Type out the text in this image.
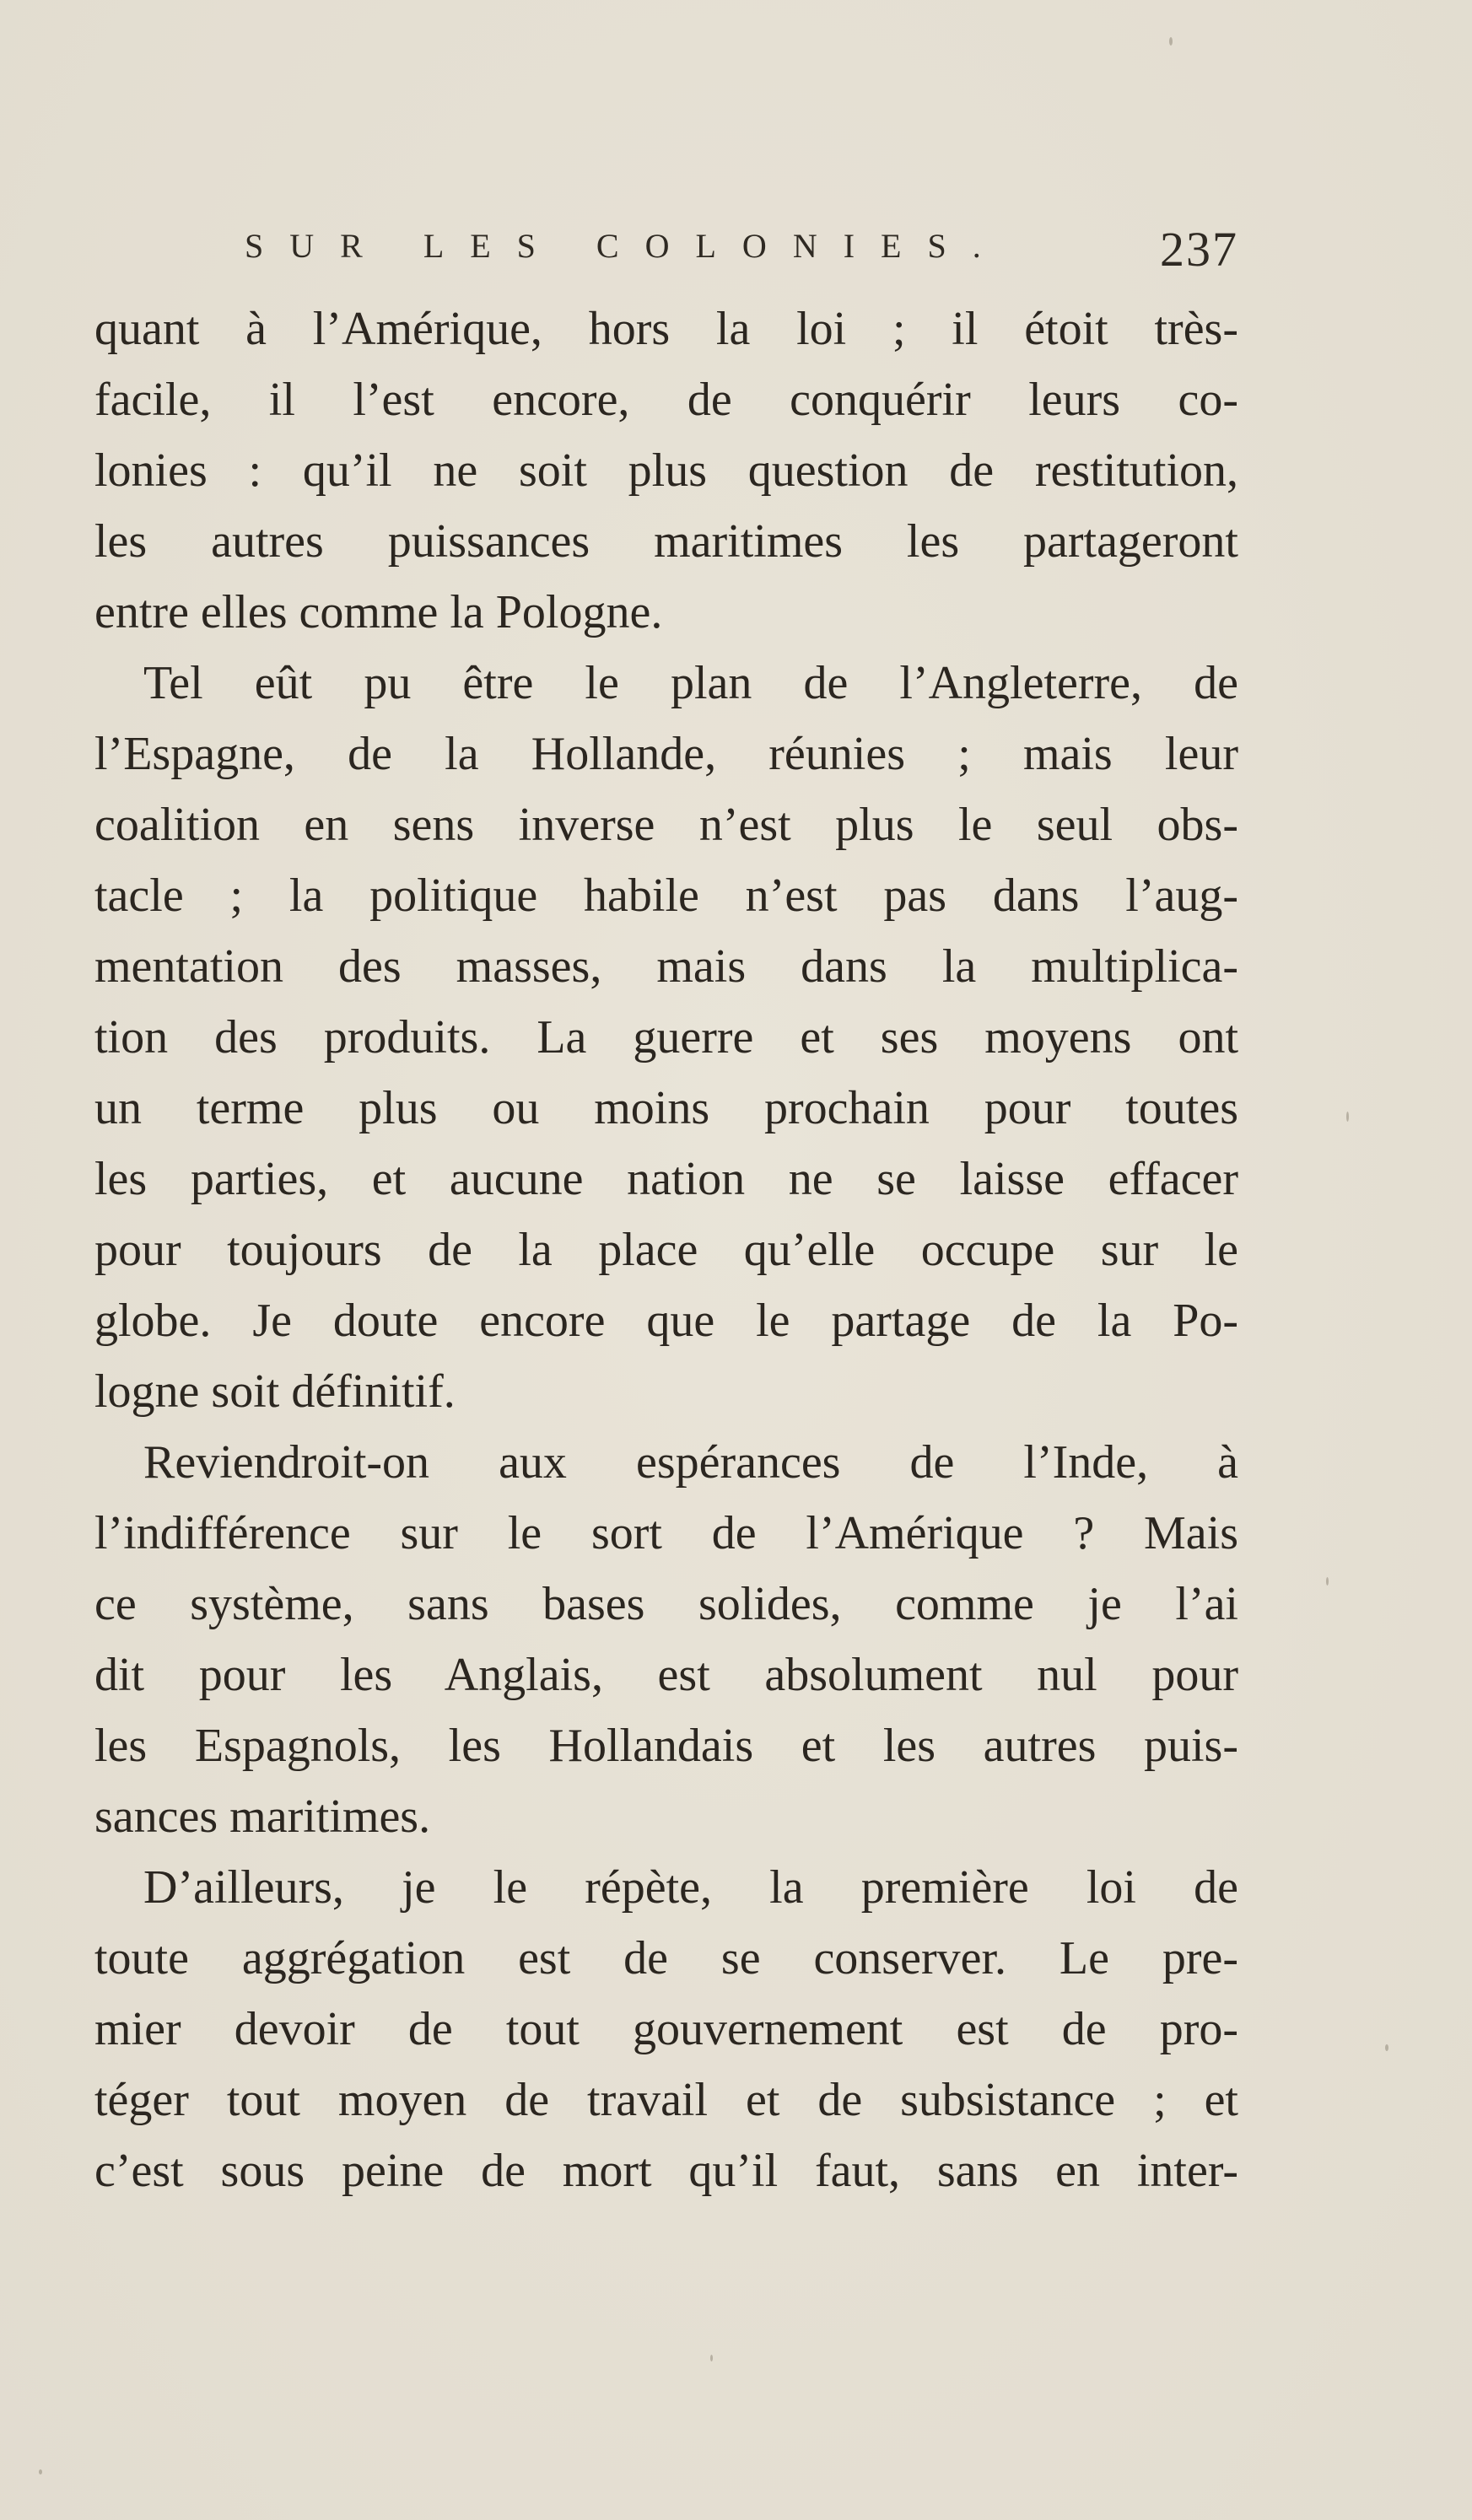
SUR LES COLONIES.	237
quant à l’Amérique, hors la loi ; il étoit très-
facile, il l’est encore, de conquérir leurs co-
lonies : qu’il ne soit plus question de restitution,
les autres puissances maritimes les partageront
entre elles comme la Pologne.
Tel eût pu être le plan de l’Angleterre, de
l’Espagne, de la Hollande, réunies ; mais leur
coalition en sens inverse n’est plus le seul obs-
tacle ; la politique habile n’est pas dans l’aug-
mentation des masses, mais dans la multiplica-
tion des produits. La guerre et ses moyens ont
un terme plus ou moins prochain pour toutes
les parties, et aucune nation ne se laisse effacer
pour toujours de la place qu’elle occupe sur le
globe. Je doute encore que le partage de la Po-
logne soit définitif.
Reviendroit-on aux espérances de l’Inde, à
l’indifférence sur le sort de l’Amérique ? Mais
ce système, sans bases solides, comme je l’ai
dit pour les Anglais, est absolument nul pour
les Espagnols, les Hollandais et les autres puis-
sances maritimes.
D’ailleurs, je le répète, la première loi de
toute aggrégation est de se conserver. Le pre-
mier devoir de tout gouvernement est de pro-
téger tout moyen de travail et de subsistance ; et
c’est sous peine de mort qu’il faut, sans en inter-
